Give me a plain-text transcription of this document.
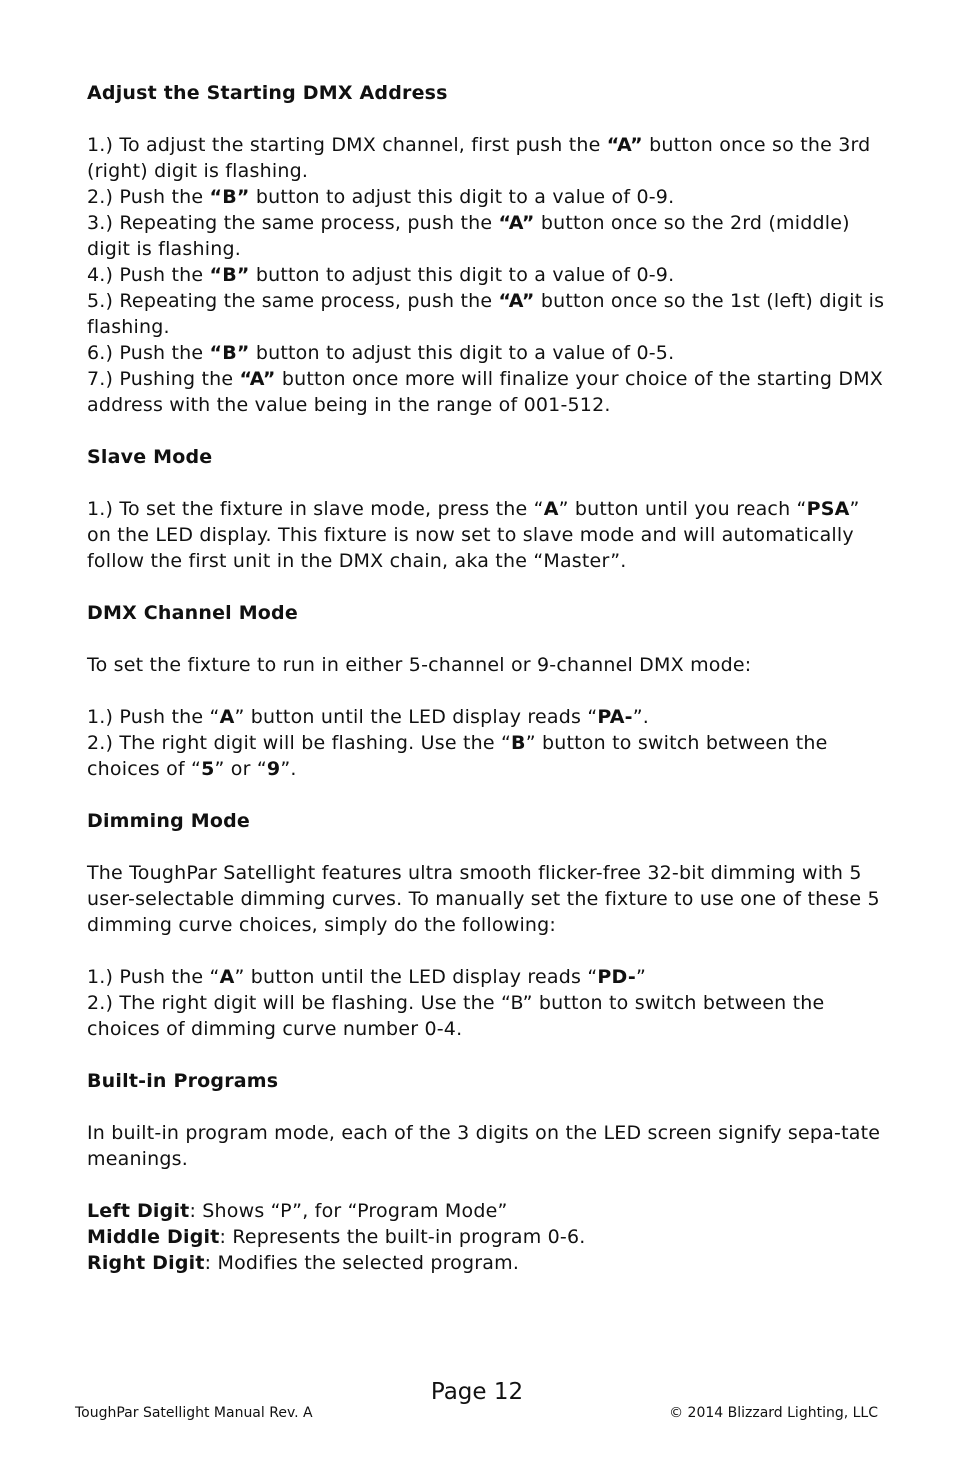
Adjust the Starting DMX Address

1.) To adjust the starting DMX channel, first push the “A” button once so the 3rd (right) digit is flashing.

2.) Push the “B” button to adjust this digit to a value of 0-9.

3.) Repeating the same process, push the “A” button once so the 2rd (middle) digit is flashing.

4.) Push the “B” button to adjust this digit to a value of 0-9.

5.) Repeating the same process, push the “A” button once so the 1st (left) digit is flashing.

6.) Push the “B” button to adjust this digit to a value of 0-5.

7.) Pushing the “A” button once more will finalize your choice of the starting DMX address with the value being in the range of 001-512.

Slave Mode

1.) To set the fixture in slave mode, press the “A” button until you reach “PSA” on the LED display. This fixture is now set to slave mode and will automatically follow the first unit in the DMX chain, aka the “Master”.

DMX Channel Mode

To set the fixture to run in either 5-channel or 9-channel DMX mode:

1.) Push the “A” button until the LED display reads “PA-”.

2.) The right digit will be flashing. Use the “B” button to switch between the choices of “5” or “9”.

Dimming Mode

The ToughPar Satellight features ultra smooth flicker-free 32-bit dimming with 5 user-selectable dimming curves. To manually set the fixture to use one of these 5 dimming curve choices, simply do the following:

1.) Push the “A” button until the LED display reads “PD-”

2.) The right digit will be flashing. Use the “B” button to switch between the choices of dimming curve number 0-4.

Built-in Programs

In built-in program mode, each of the 3 digits on the LED screen signify sepa-tate meanings.

Left Digit: Shows “P”, for “Program Mode”

Middle Digit: Represents the built-in program 0-6.

Right Digit: Modifies the selected program.

Page 12
ToughPar Satellight Manual Rev. A	© 2014 Blizzard Lighting, LLC
